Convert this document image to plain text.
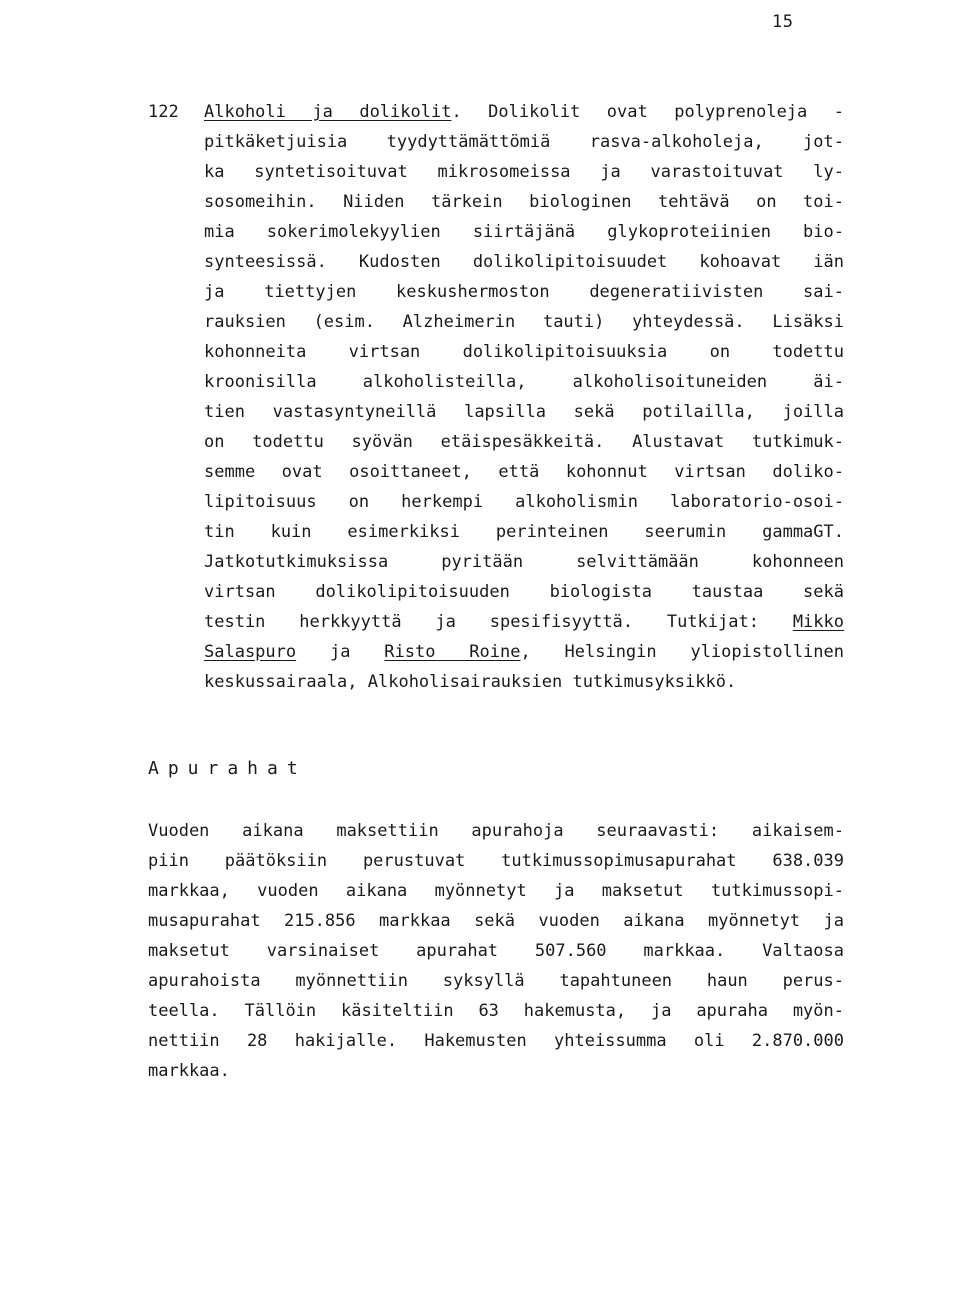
15
122 Alkoholi ja dolikolit. Dolikolit ovat polyprenoleja -
pitkäketjuisia tyydyttämättömiä rasva-alkoholeja, jot-
ka syntetisoituvat mikrosomeissa ja varastoituvat ly-
sosomeihin. Niiden tärkein biologinen tehtävä on toi-
mia sokerimolekyylien siirtäjänä glykoproteiinien bio-
synteesissä. Kudosten dolikolipitoisuudet kohoavat iän
ja tiettyjen keskushermoston degeneratiivisten sai-
rauksien (esim. Alzheimerin tauti) yhteydessä. Lisäksi
kohonneita virtsan dolikolipitoisuuksia on todettu
kroonisilla alkoholisteilla, alkoholisoituneiden äi-
tien vastasyntyneillä lapsilla sekä potilailla, joilla
on todettu syövän etäispesäkkeitä. Alustavat tutkimuk-
semme ovat osoittaneet, että kohonnut virtsan doliko-
lipitoisuus on herkempi alkoholismin laboratorio-osoi-
tin kuin esimerkiksi perinteinen seerumin gammaGT.
Jatkotutkimuksissa pyritään selvittämään kohonneen
virtsan dolikolipitoisuuden biologista taustaa sekä
testin herkkyyttä ja spesifisyyttä. Tutkijat: Mikko
Salaspuro ja Risto Roine, Helsingin yliopistollinen
keskussairaala, Alkoholisairauksien tutkimusyksikkö.
Apurahat
Vuoden aikana maksettiin apurahoja seuraavasti: aikaisem-
piin päätöksiin perustuvat tutkimussopimusapurahat 638.039
markkaa, vuoden aikana myönnetyt ja maksetut tutkimussopi-
musapurahat 215.856 markkaa sekä vuoden aikana myönnetyt ja
maksetut varsinaiset apurahat 507.560 markkaa. Valtaosa
apurahoista myönnettiin syksyllä tapahtuneen haun perus-
teella. Tällöin käsiteltiin 63 hakemusta, ja apuraha myön-
nettiin 28 hakijalle. Hakemusten yhteissumma oli 2.870.000
markkaa.
